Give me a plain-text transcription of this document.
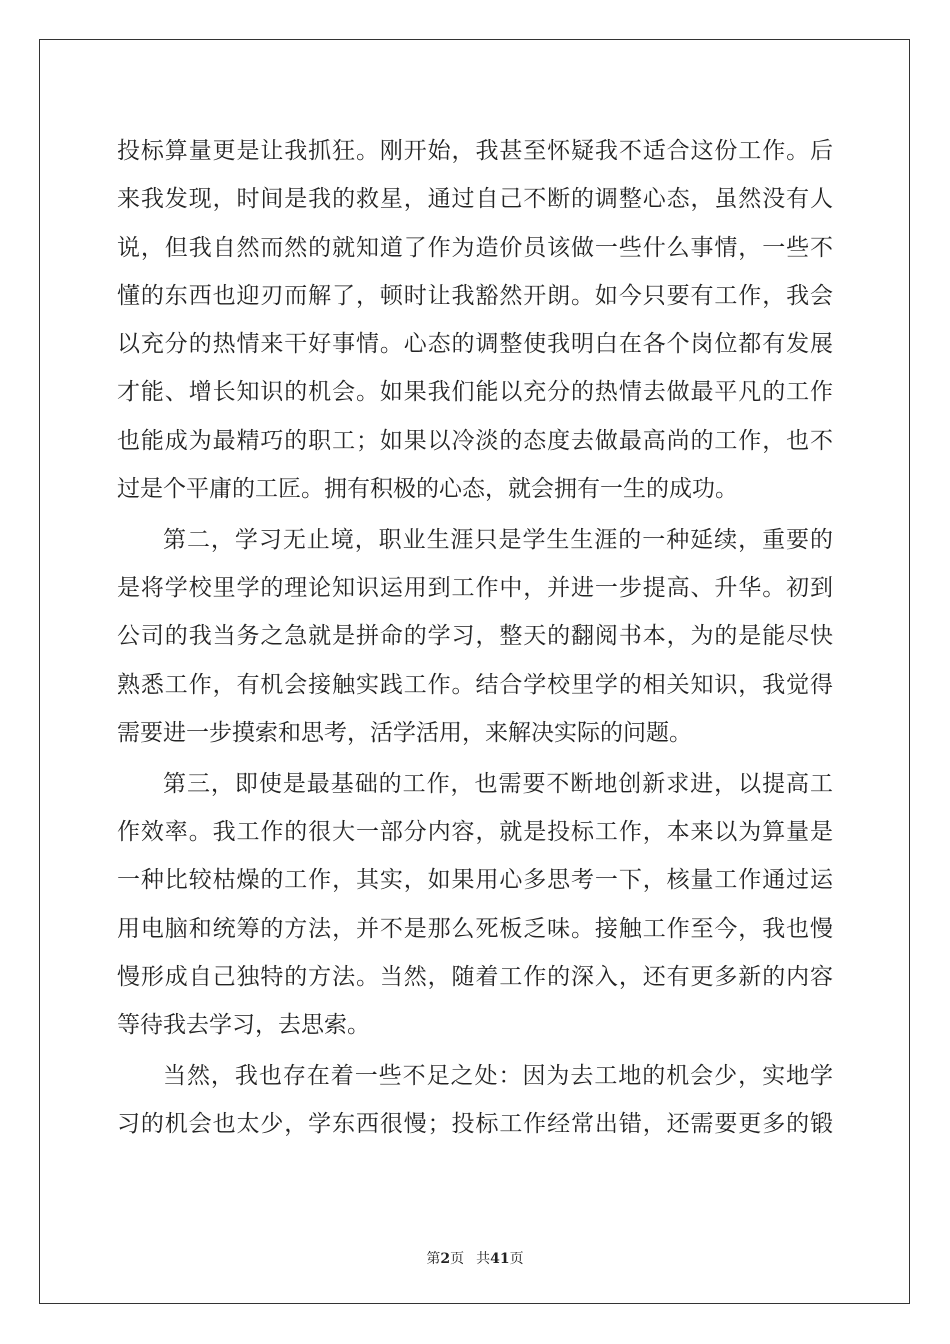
投标算量更是让我抓狂。刚开始，我甚至怀疑我不适合这份工作。后
来我发现，时间是我的救星，通过自己不断的调整心态，虽然没有人
说，但我自然而然的就知道了作为造价员该做一些什么事情，一些不
懂的东西也迎刃而解了，顿时让我豁然开朗。如今只要有工作，我会
以充分的热情来干好事情。心态的调整使我明白在各个岗位都有发展
才能、增长知识的机会。如果我们能以充分的热情去做最平凡的工作
也能成为最精巧的职工；如果以冷淡的态度去做最高尚的工作，也不
过是个平庸的工匠。拥有积极的心态，就会拥有一生的成功。
第二，学习无止境，职业生涯只是学生生涯的一种延续，重要的
是将学校里学的理论知识运用到工作中，并进一步提高、升华。初到
公司的我当务之急就是拼命的学习，整天的翻阅书本，为的是能尽快
熟悉工作，有机会接触实践工作。结合学校里学的相关知识，我觉得
需要进一步摸索和思考，活学活用，来解决实际的问题。
第三，即使是最基础的工作，也需要不断地创新求进，以提高工
作效率。我工作的很大一部分内容，就是投标工作，本来以为算量是
一种比较枯燥的工作，其实，如果用心多思考一下，核量工作通过运
用电脑和统筹的方法，并不是那么死板乏味。接触工作至今，我也慢
慢形成自己独特的方法。当然，随着工作的深入，还有更多新的内容
等待我去学习，去思索。
当然，我也存在着一些不足之处：因为去工地的机会少，实地学
习的机会也太少，学东西很慢；投标工作经常出错，还需要更多的锻
第2页 共41页
